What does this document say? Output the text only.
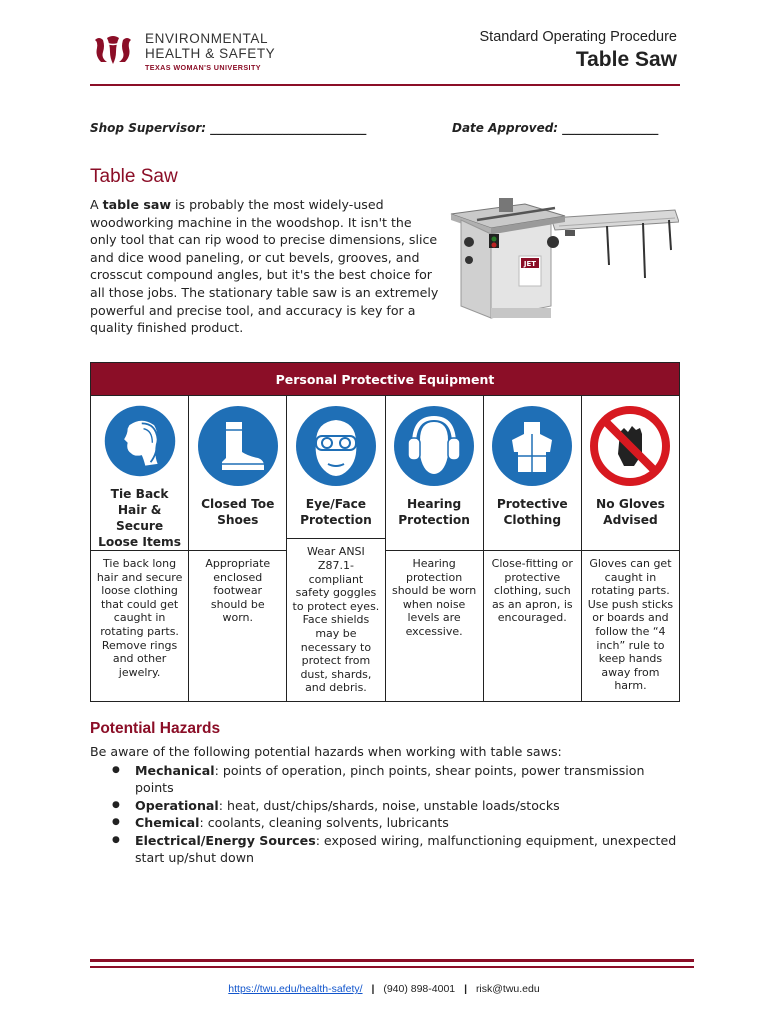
ENVIRONMENTAL
HEALTH & SAFETY
TEXAS WOMAN'S UNIVERSITY
Standard Operating Procedure
Table Saw
Shop Supervisor: __________________________	Date Approved: ________________
Table Saw

A table saw is probably the most widely-used woodworking machine in the woodshop. It isn't the only tool that can rip wood to precise dimensions, slice and dice wood paneling, or cut bevels, grooves, and crosscut compound angles, but it's the best choice for all those jobs. The stationary table saw is an extremely powerful and precise tool, and accuracy is key for a quality finished product.

JET
Personal Protective Equipment
Tie Back Hair & Secure Loose Items
Tie back long hair and secure loose clothing that could get caught in rotating parts. Remove rings and other jewelry.
Closed Toe Shoes
Appropriate enclosed footwear should be worn.
Eye/Face Protection
Wear ANSI Z87.1-compliant safety goggles to protect eyes. Face shields may be necessary to protect from dust, shards, and debris.
Hearing Protection
Hearing protection should be worn when noise levels are excessive.
Protective Clothing
Close-fitting or protective clothing, such as an apron, is encouraged.
No Gloves Advised
Gloves can get caught in rotating parts. Use push sticks or boards and follow the “4 inch” rule to keep hands away from harm.
Potential Hazards
Be aware of the following potential hazards when working with table saws:
● Mechanical: points of operation, pinch points, shear points, power transmission points
● Operational: heat, dust/chips/shards, noise, unstable loads/stocks
● Chemical: coolants, cleaning solvents, lubricants
● Electrical/Energy Sources: exposed wiring, malfunctioning equipment, unexpected start up/shut down
https://twu.edu/health-safety/ | (940) 898-4001 | risk@twu.edu
